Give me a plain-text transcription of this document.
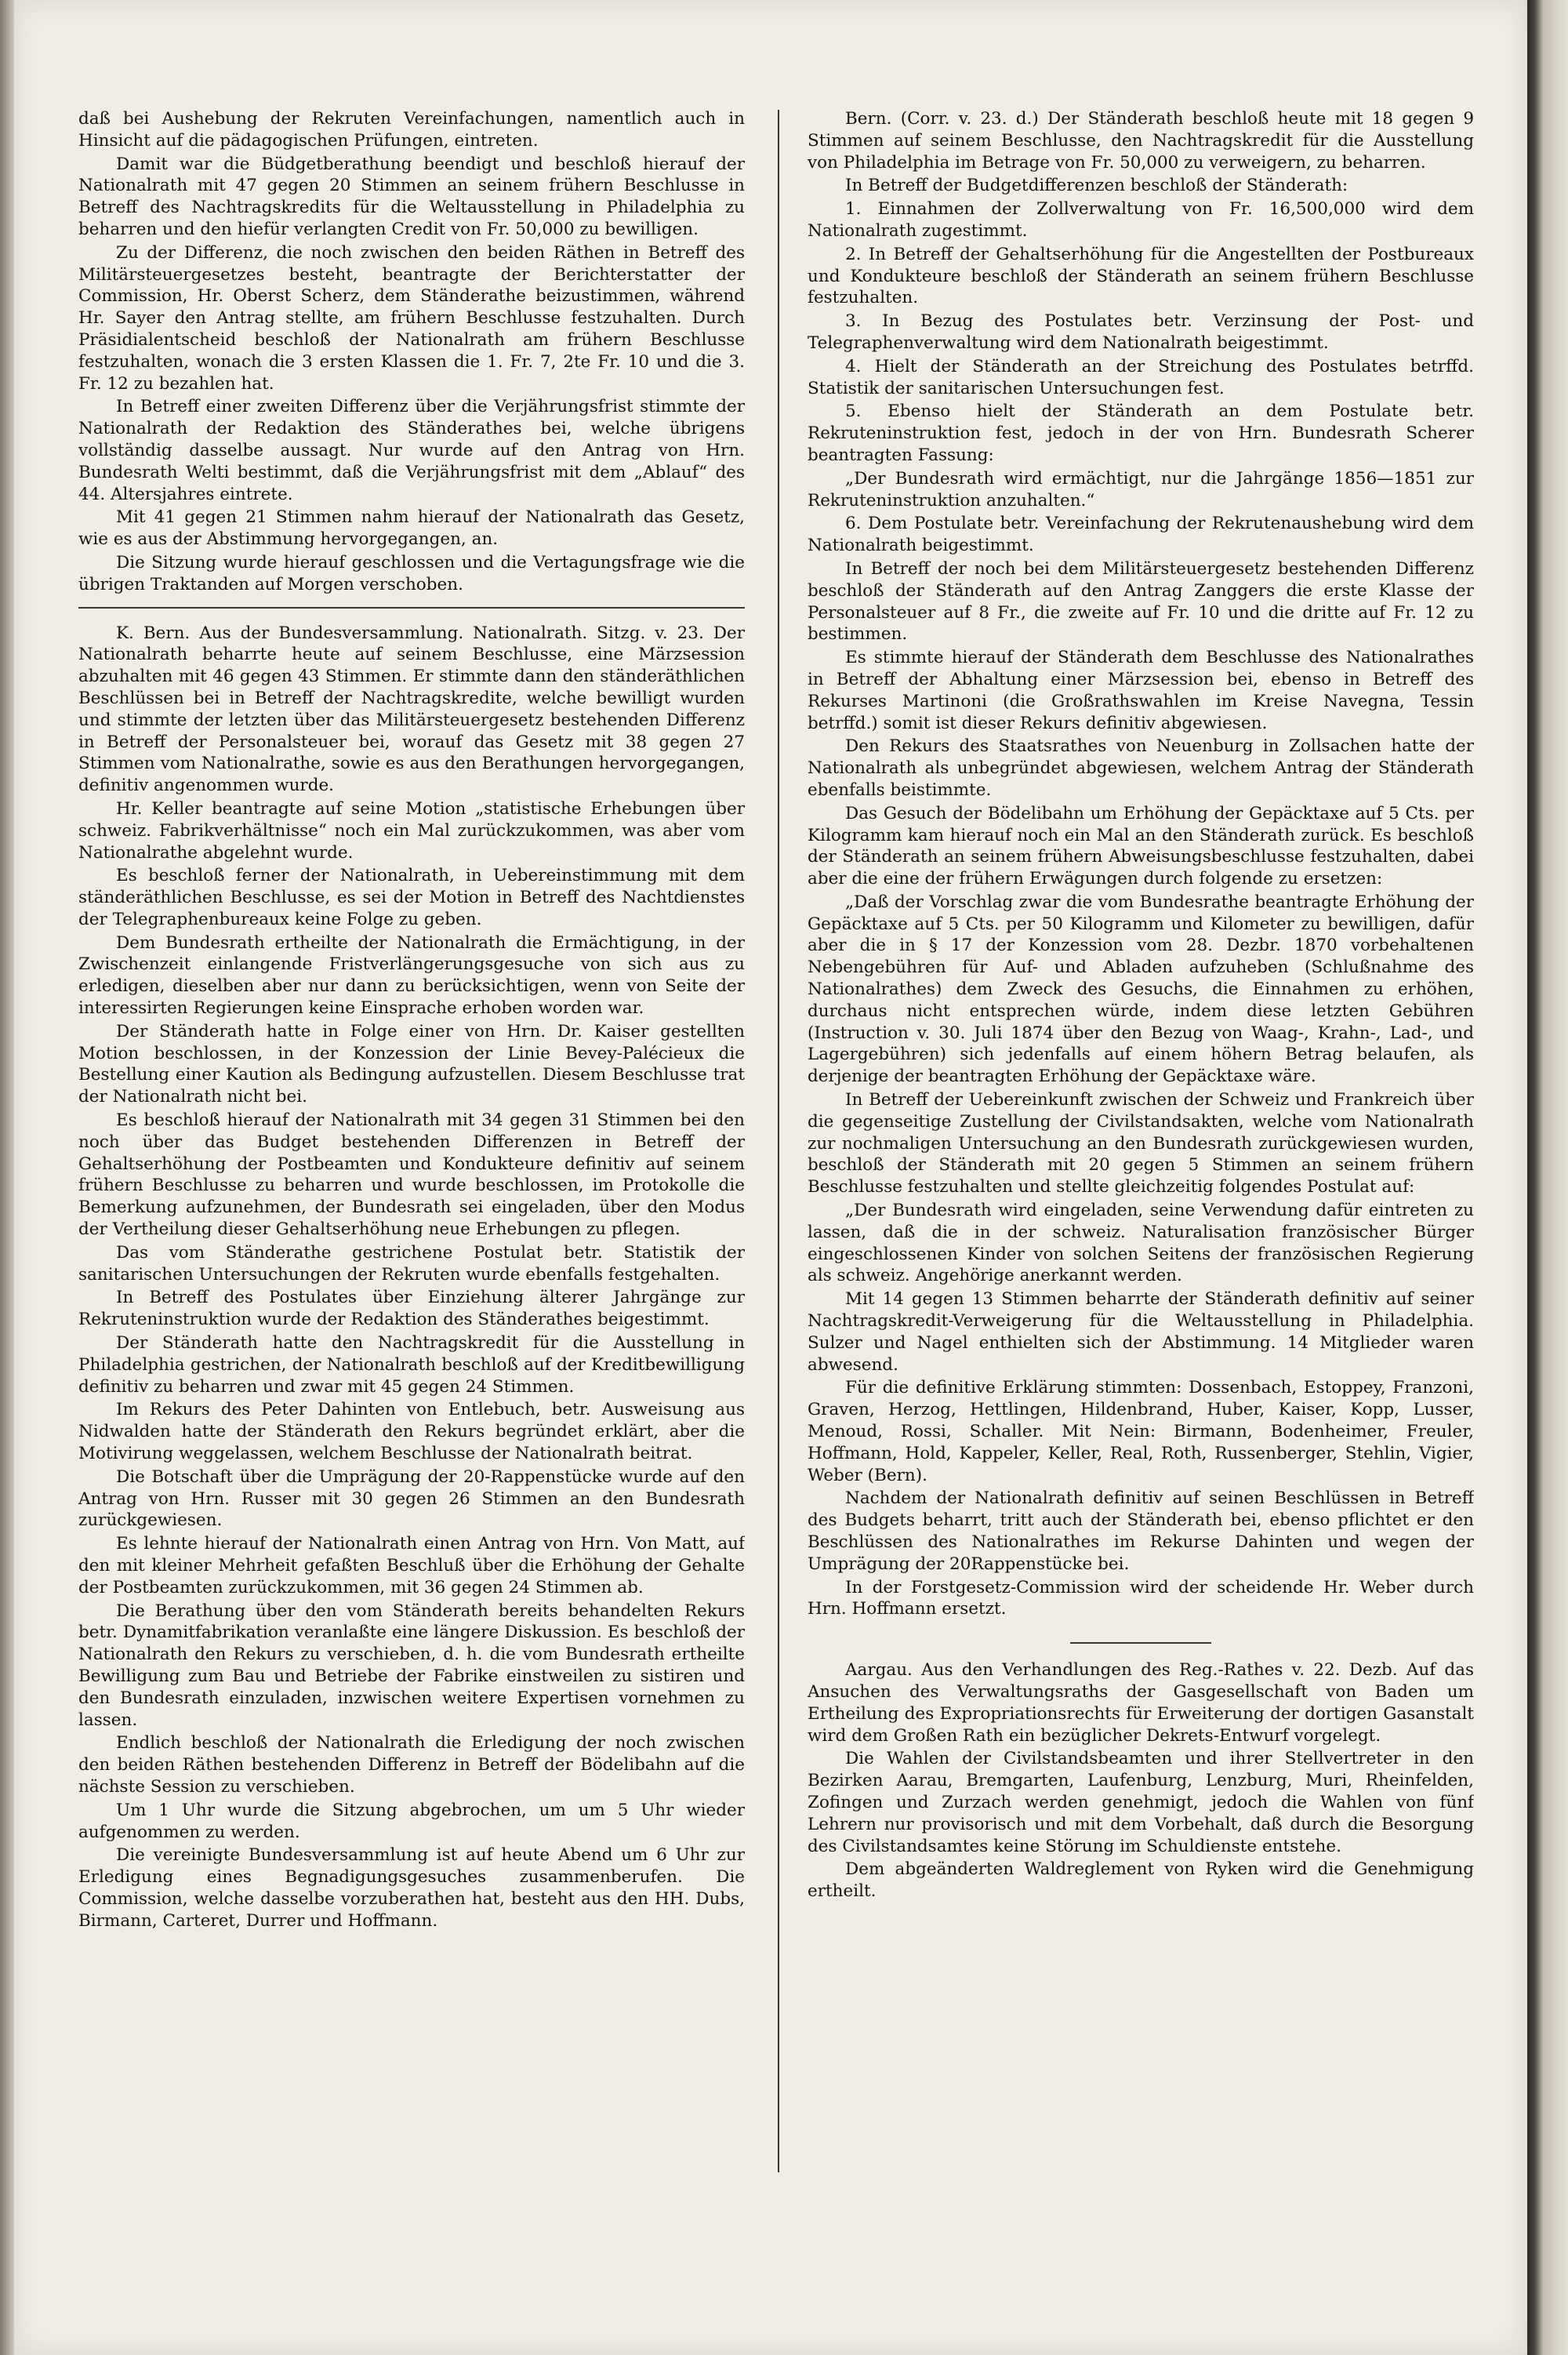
daß bei Aushebung der Rekruten Vereinfachungen, namentlich auch in Hinsicht auf die pädagogischen Prüfungen, eintreten.

Damit war die Büdgetberathung beendigt und beschloß hierauf der Nationalrath mit 47 gegen 20 Stimmen an seinem frühern Beschlusse in Betreff des Nachtragskredits für die Weltausstellung in Philadelphia zu beharren und den hiefür verlangten Credit von Fr. 50,000 zu bewilligen.

Zu der Differenz, die noch zwischen den beiden Räthen in Betreff des Militärsteuergesetzes besteht, beantragte der Berichterstatter der Commission, Hr. Oberst Scherz, dem Ständerathe beizustimmen, während Hr. Sayer den Antrag stellte, am frühern Beschlusse festzuhalten. Durch Präsidialentscheid beschloß der Nationalrath am frühern Beschlusse festzuhalten, wonach die 3 ersten Klassen die 1. Fr. 7, 2te Fr. 10 und die 3. Fr. 12 zu bezahlen hat.

In Betreff einer zweiten Differenz über die Verjährungsfrist stimmte der Nationalrath der Redaktion des Ständerathes bei, welche übrigens vollständig dasselbe aussagt. Nur wurde auf den Antrag von Hrn. Bundesrath Welti bestimmt, daß die Verjährungsfrist mit dem „Ablauf“ des 44. Altersjahres eintrete.

Mit 41 gegen 21 Stimmen nahm hierauf der Nationalrath das Gesetz, wie es aus der Abstimmung hervorgegangen, an.

Die Sitzung wurde hierauf geschlossen und die Vertagungsfrage wie die übrigen Traktanden auf Morgen verschoben.

K. Bern. Aus der Bundesversammlung. Nationalrath. Sitzg. v. 23. Der Nationalrath beharrte heute auf seinem Beschlusse, eine Märzsession abzuhalten mit 46 gegen 43 Stimmen. Er stimmte dann den ständeräthlichen Beschlüssen bei in Betreff der Nachtragskredite, welche bewilligt wurden und stimmte der letzten über das Militärsteuergesetz bestehenden Differenz in Betreff der Personalsteuer bei, worauf das Gesetz mit 38 gegen 27 Stimmen vom Nationalrathe, sowie es aus den Berathungen hervorgegangen, definitiv angenommen wurde.

Hr. Keller beantragte auf seine Motion „statistische Erhebungen über schweiz. Fabrikverhältnisse“ noch ein Mal zurückzukommen, was aber vom Nationalrathe abgelehnt wurde.

Es beschloß ferner der Nationalrath, in Uebereinstimmung mit dem ständeräthlichen Beschlusse, es sei der Motion in Betreff des Nachtdienstes der Telegraphenbureaux keine Folge zu geben.

Dem Bundesrath ertheilte der Nationalrath die Ermächtigung, in der Zwischenzeit einlangende Fristverlängerungsgesuche von sich aus zu erledigen, dieselben aber nur dann zu berücksichtigen, wenn von Seite der interessirten Regierungen keine Einsprache erhoben worden war.

Der Ständerath hatte in Folge einer von Hrn. Dr. Kaiser gestellten Motion beschlossen, in der Konzession der Linie Bevey-Palécieux die Bestellung einer Kaution als Bedingung aufzustellen. Diesem Beschlusse trat der Nationalrath nicht bei.

Es beschloß hierauf der Nationalrath mit 34 gegen 31 Stimmen bei den noch über das Budget bestehenden Differenzen in Betreff der Gehaltserhöhung der Postbeamten und Kondukteure definitiv auf seinem frühern Beschlusse zu beharren und wurde beschlossen, im Protokolle die Bemerkung aufzunehmen, der Bundesrath sei eingeladen, über den Modus der Vertheilung dieser Gehaltserhöhung neue Erhebungen zu pflegen.

Das vom Ständerathe gestrichene Postulat betr. Statistik der sanitarischen Untersuchungen der Rekruten wurde ebenfalls festgehalten.

In Betreff des Postulates über Einziehung älterer Jahrgänge zur Rekruteninstruktion wurde der Redaktion des Ständerathes beigestimmt.

Der Ständerath hatte den Nachtragskredit für die Ausstellung in Philadelphia gestrichen, der Nationalrath beschloß auf der Kreditbewilligung definitiv zu beharren und zwar mit 45 gegen 24 Stimmen.

Im Rekurs des Peter Dahinten von Entlebuch, betr. Ausweisung aus Nidwalden hatte der Ständerath den Rekurs begründet erklärt, aber die Motivirung weggelassen, welchem Beschlusse der Nationalrath beitrat.

Die Botschaft über die Umprägung der 20-Rappenstücke wurde auf den Antrag von Hrn. Russer mit 30 gegen 26 Stimmen an den Bundesrath zurückgewiesen.

Es lehnte hierauf der Nationalrath einen Antrag von Hrn. Von Matt, auf den mit kleiner Mehrheit gefaßten Beschluß über die Erhöhung der Gehalte der Postbeamten zurückzukommen, mit 36 gegen 24 Stimmen ab.

Die Berathung über den vom Ständerath bereits behandelten Rekurs betr. Dynamitfabrikation veranlaßte eine längere Diskussion. Es beschloß der Nationalrath den Rekurs zu verschieben, d. h. die vom Bundesrath ertheilte Bewilligung zum Bau und Betriebe der Fabrike einstweilen zu sistiren und den Bundesrath einzuladen, inzwischen weitere Expertisen vornehmen zu lassen.

Endlich beschloß der Nationalrath die Erledigung der noch zwischen den beiden Räthen bestehenden Differenz in Betreff der Bödelibahn auf die nächste Session zu verschieben.

Um 1 Uhr wurde die Sitzung abgebrochen, um um 5 Uhr wieder aufgenommen zu werden.

Die vereinigte Bundesversammlung ist auf heute Abend um 6 Uhr zur Erledigung eines Begnadigungsgesuches zusammenberufen. Die Commission, welche dasselbe vorzuberathen hat, besteht aus den HH. Dubs, Birmann, Carteret, Durrer und Hoffmann.

Bern. (Corr. v. 23. d.) Der Ständerath beschloß heute mit 18 gegen 9 Stimmen auf seinem Beschlusse, den Nachtragskredit für die Ausstellung von Philadelphia im Betrage von Fr. 50,000 zu verweigern, zu beharren.

In Betreff der Budgetdifferenzen beschloß der Ständerath:

1. Einnahmen der Zollverwaltung von Fr. 16,500,000 wird dem Nationalrath zugestimmt.

2. In Betreff der Gehaltserhöhung für die Angestellten der Postbureaux und Kondukteure beschloß der Ständerath an seinem frühern Beschlusse festzuhalten.

3. In Bezug des Postulates betr. Verzinsung der Post- und Telegraphenverwaltung wird dem Nationalrath beigestimmt.

4. Hielt der Ständerath an der Streichung des Postulates betrffd. Statistik der sanitarischen Untersuchungen fest.

5. Ebenso hielt der Ständerath an dem Postulate betr. Rekruteninstruktion fest, jedoch in der von Hrn. Bundesrath Scherer beantragten Fassung:

„Der Bundesrath wird ermächtigt, nur die Jahrgänge 1856—1851 zur Rekruteninstruktion anzuhalten.“

6. Dem Postulate betr. Vereinfachung der Rekrutenaushebung wird dem Nationalrath beigestimmt.

In Betreff der noch bei dem Militärsteuergesetz bestehenden Differenz beschloß der Ständerath auf den Antrag Zanggers die erste Klasse der Personalsteuer auf 8 Fr., die zweite auf Fr. 10 und die dritte auf Fr. 12 zu bestimmen.

Es stimmte hierauf der Ständerath dem Beschlusse des Nationalrathes in Betreff der Abhaltung einer Märzsession bei, ebenso in Betreff des Rekurses Martinoni (die Großrathswahlen im Kreise Navegna, Tessin betrffd.) somit ist dieser Rekurs definitiv abgewiesen.

Den Rekurs des Staatsrathes von Neuenburg in Zollsachen hatte der Nationalrath als unbegründet abgewiesen, welchem Antrag der Ständerath ebenfalls beistimmte.

Das Gesuch der Bödelibahn um Erhöhung der Gepäcktaxe auf 5 Cts. per Kilogramm kam hierauf noch ein Mal an den Ständerath zurück. Es beschloß der Ständerath an seinem frühern Abweisungsbeschlusse festzuhalten, dabei aber die eine der frühern Erwägungen durch folgende zu ersetzen:

„Daß der Vorschlag zwar die vom Bundesrathe beantragte Erhöhung der Gepäcktaxe auf 5 Cts. per 50 Kilogramm und Kilometer zu bewilligen, dafür aber die in § 17 der Konzession vom 28. Dezbr. 1870 vorbehaltenen Nebengebühren für Auf- und Abladen aufzuheben (Schlußnahme des Nationalrathes) dem Zweck des Gesuchs, die Einnahmen zu erhöhen, durchaus nicht entsprechen würde, indem diese letzten Gebühren (Instruction v. 30. Juli 1874 über den Bezug von Waag-, Krahn-, Lad-, und Lagergebühren) sich jedenfalls auf einem höhern Betrag belaufen, als derjenige der beantragten Erhöhung der Gepäcktaxe wäre.

In Betreff der Uebereinkunft zwischen der Schweiz und Frankreich über die gegenseitige Zustellung der Civilstandsakten, welche vom Nationalrath zur nochmaligen Untersuchung an den Bundesrath zurückgewiesen wurden, beschloß der Ständerath mit 20 gegen 5 Stimmen an seinem frühern Beschlusse festzuhalten und stellte gleichzeitig folgendes Postulat auf:

„Der Bundesrath wird eingeladen, seine Verwendung dafür eintreten zu lassen, daß die in der schweiz. Naturalisation französischer Bürger eingeschlossenen Kinder von solchen Seitens der französischen Regierung als schweiz. Angehörige anerkannt werden.

Mit 14 gegen 13 Stimmen beharrte der Ständerath definitiv auf seiner Nachtragskredit-Verweigerung für die Weltausstellung in Philadelphia. Sulzer und Nagel enthielten sich der Abstimmung. 14 Mitglieder waren abwesend.

Für die definitive Erklärung stimmten: Dossenbach, Estoppey, Franzoni, Graven, Herzog, Hettlingen, Hildenbrand, Huber, Kaiser, Kopp, Lusser, Menoud, Rossi, Schaller. Mit Nein: Birmann, Bodenheimer, Freuler, Hoffmann, Hold, Kappeler, Keller, Real, Roth, Russenberger, Stehlin, Vigier, Weber (Bern).

Nachdem der Nationalrath definitiv auf seinen Beschlüssen in Betreff des Budgets beharrt, tritt auch der Ständerath bei, ebenso pflichtet er den Beschlüssen des Nationalrathes im Rekurse Dahinten und wegen der Umprägung der 20Rappenstücke bei.

In der Forstgesetz-Commission wird der scheidende Hr. Weber durch Hrn. Hoffmann ersetzt.

Aargau. Aus den Verhandlungen des Reg.-Rathes v. 22. Dezb. Auf das Ansuchen des Verwaltungsraths der Gasgesellschaft von Baden um Ertheilung des Expropriationsrechts für Erweiterung der dortigen Gasanstalt wird dem Großen Rath ein bezüglicher Dekrets-Entwurf vorgelegt.

Die Wahlen der Civilstandsbeamten und ihrer Stellvertreter in den Bezirken Aarau, Bremgarten, Laufenburg, Lenzburg, Muri, Rheinfelden, Zofingen und Zurzach werden genehmigt, jedoch die Wahlen von fünf Lehrern nur provisorisch und mit dem Vorbehalt, daß durch die Besorgung des Civilstandsamtes keine Störung im Schuldienste entstehe.

Dem abgeänderten Waldreglement von Ryken wird die Genehmigung ertheilt.
